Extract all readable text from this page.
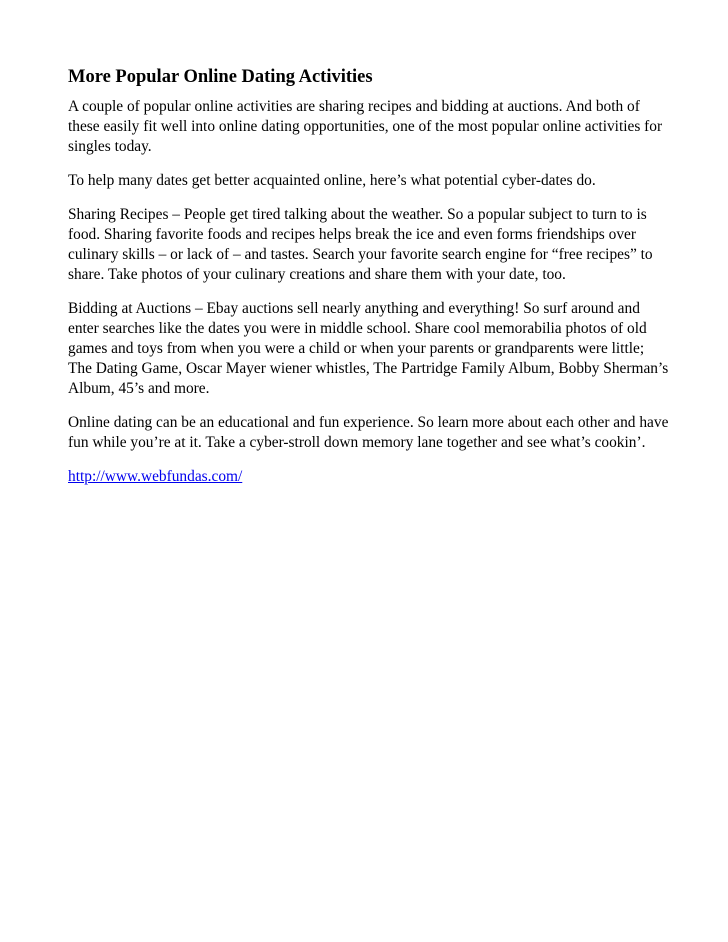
More Popular Online Dating Activities

A couple of popular online activities are sharing recipes and bidding at auctions. And both of these easily fit well into online dating opportunities, one of the most popular online activities for singles today.

To help many dates get better acquainted online, here’s what potential cyber-dates do.

Sharing Recipes – People get tired talking about the weather. So a popular subject to turn to is food. Sharing favorite foods and recipes helps break the ice and even forms friendships over culinary skills – or lack of – and tastes. Search your favorite search engine for “free recipes” to share. Take photos of your culinary creations and share them with your date, too.

Bidding at Auctions – Ebay auctions sell nearly anything and everything! So surf around and enter searches like the dates you were in middle school. Share cool memorabilia photos of old games and toys from when you were a child or when your parents or grandparents were little; The Dating Game, Oscar Mayer wiener whistles, The Partridge Family Album, Bobby Sherman’s Album, 45’s and more.

Online dating can be an educational and fun experience. So learn more about each other and have fun while you’re at it. Take a cyber-stroll down memory lane together and see what’s cookin’.

http://www.webfundas.com/
